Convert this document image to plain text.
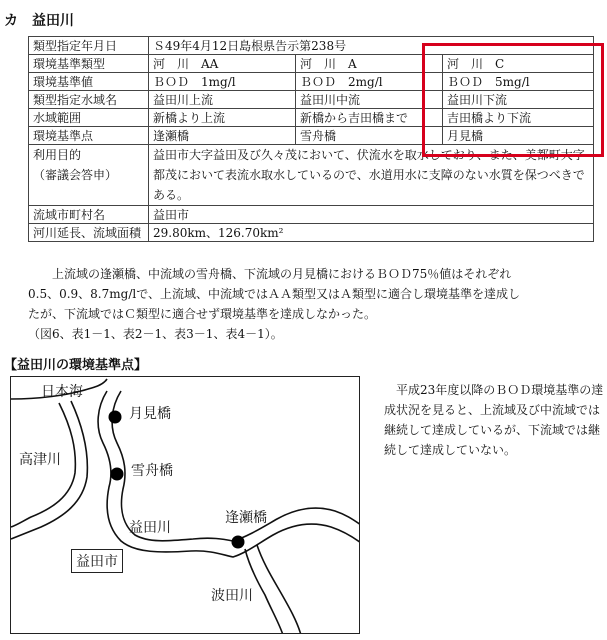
カ　益田川
類型指定年月日	Ｓ49年4月12日島根県告示第238号		
環境基準類型	河　川　AA	河　川　A	河　川　C
環境基準値	ＢＯＤ　1mg/l	ＢＯＤ　2mg/l	ＢＯＤ　5mg/l
類型指定水域名	益田川上流	益田川中流	益田川下流
水域範囲	新橋より上流	新橋から吉田橋まで	吉田橋より下流
環境基準点	逢瀬橋	雪舟橋	月見橋

利用目的
（審議会答申）	益田市大字益田及び久々茂において、伏流水を取水しており、また、美都町大字都茂において表流水取水しているので、水道用水に支障のない水質を保つべきである。		
流域市町村名	益田市		
河川延長、流域面積	29.80km、126.70km²		

上流域の逢瀬橋、中流域の雪舟橋、下流域の月見橋におけるＢＯＤ75％値はそれぞれ

0.5、0.9、8.7mg/lで、上流域、中流域ではＡＡ類型又はＡ類型に適合し環境基準を達成し

たが、下流域ではＣ類型に適合せず環境基準を達成しなかった。

（図6、表1－1、表2－1、表3－1、表4－1）。

【益田川の環境基準点】
日本海
月見橋
高津川
雪舟橋
益田川
逢瀬橋
益田市
波田川

平成23年度以降のＢＯＤ環境基準の達成状況を見ると、上流域及び中流域では継続して達成しているが、下流域では継続して達成していない。
